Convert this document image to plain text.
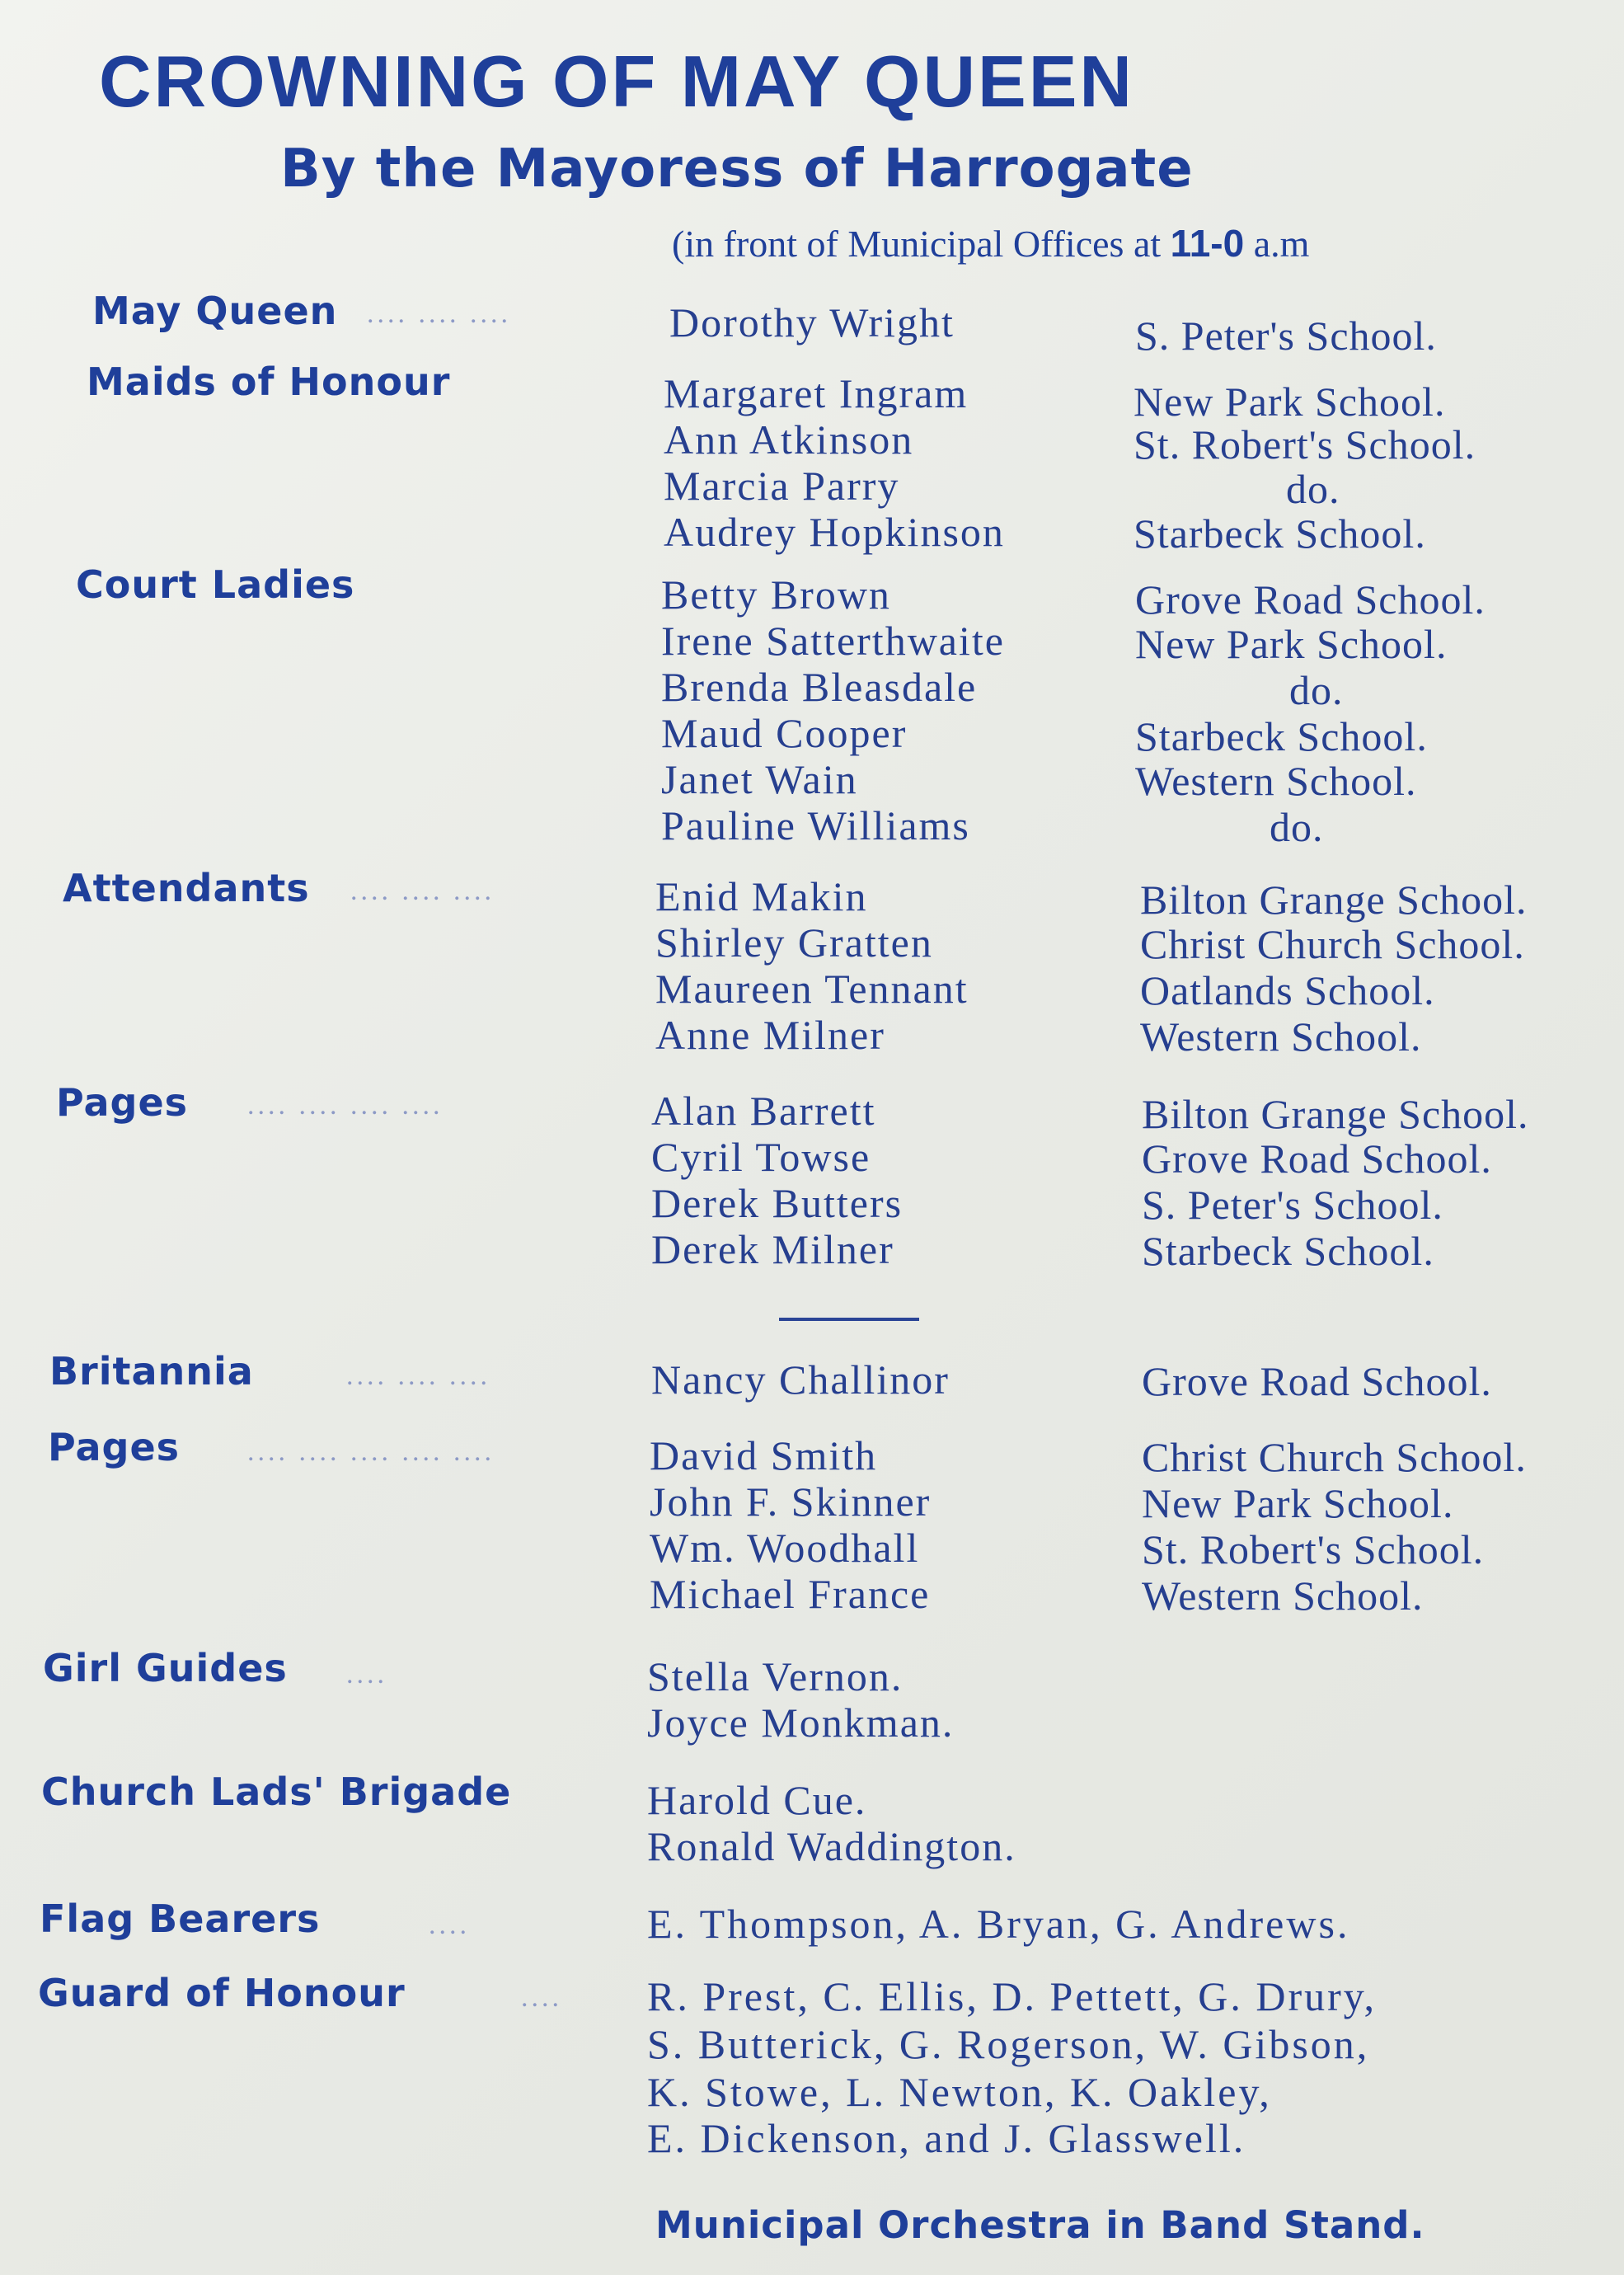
CROWNING OF MAY QUEEN
By the Mayoress of Harrogate
(in front of Municipal Offices at 11-0 a.m
May Queen .... .... ....	Dorothy Wright	S. Peter's School.
Maids of Honour	Margaret Ingram	New Park School.
Ann Atkinson	St. Robert's School.
Marcia Parry	do.
Audrey Hopkinson	Starbeck School.
Court Ladies	Betty Brown	Grove Road School.
Irene Satterthwaite	New Park School.
Brenda Bleasdale	do.
Maud Cooper	Starbeck School.
Janet Wain	Western School.
Pauline Williams	do.
Attendants .... .... ....	Enid Makin	Bilton Grange School.
Shirley Gratten	Christ Church School.
Maureen Tennant	Oatlands School.
Anne Milner	Western School.
Pages .... .... .... ....	Alan Barrett	Bilton Grange School.
Cyril Towse	Grove Road School.
Derek Butters	S. Peter's School.
Derek Milner	Starbeck School.
Britannia	.... .... ....	Nancy Challinor	Grove Road School.
Pages .... .... .... .... ....	David Smith	Christ Church School.
John F. Skinner	New Park School.
Wm. Woodhall	St. Robert's School.
Michael France	Western School.
Girl Guides ....	Stella Vernon.
Joyce Monkman.
Church Lads' Brigade	Harold Cue.
Ronald Waddington.
Flag Bearers	....	E. Thompson, A. Bryan, G. Andrews.
Guard of Honour	.... R. Prest, C. Ellis, D. Pettett, G. Drury,
S. Butterick, G. Rogerson, W. Gibson,
K. Stowe, L. Newton, K. Oakley,
E. Dickenson, and J. Glasswell.
Municipal Orchestra in Band Stand.
